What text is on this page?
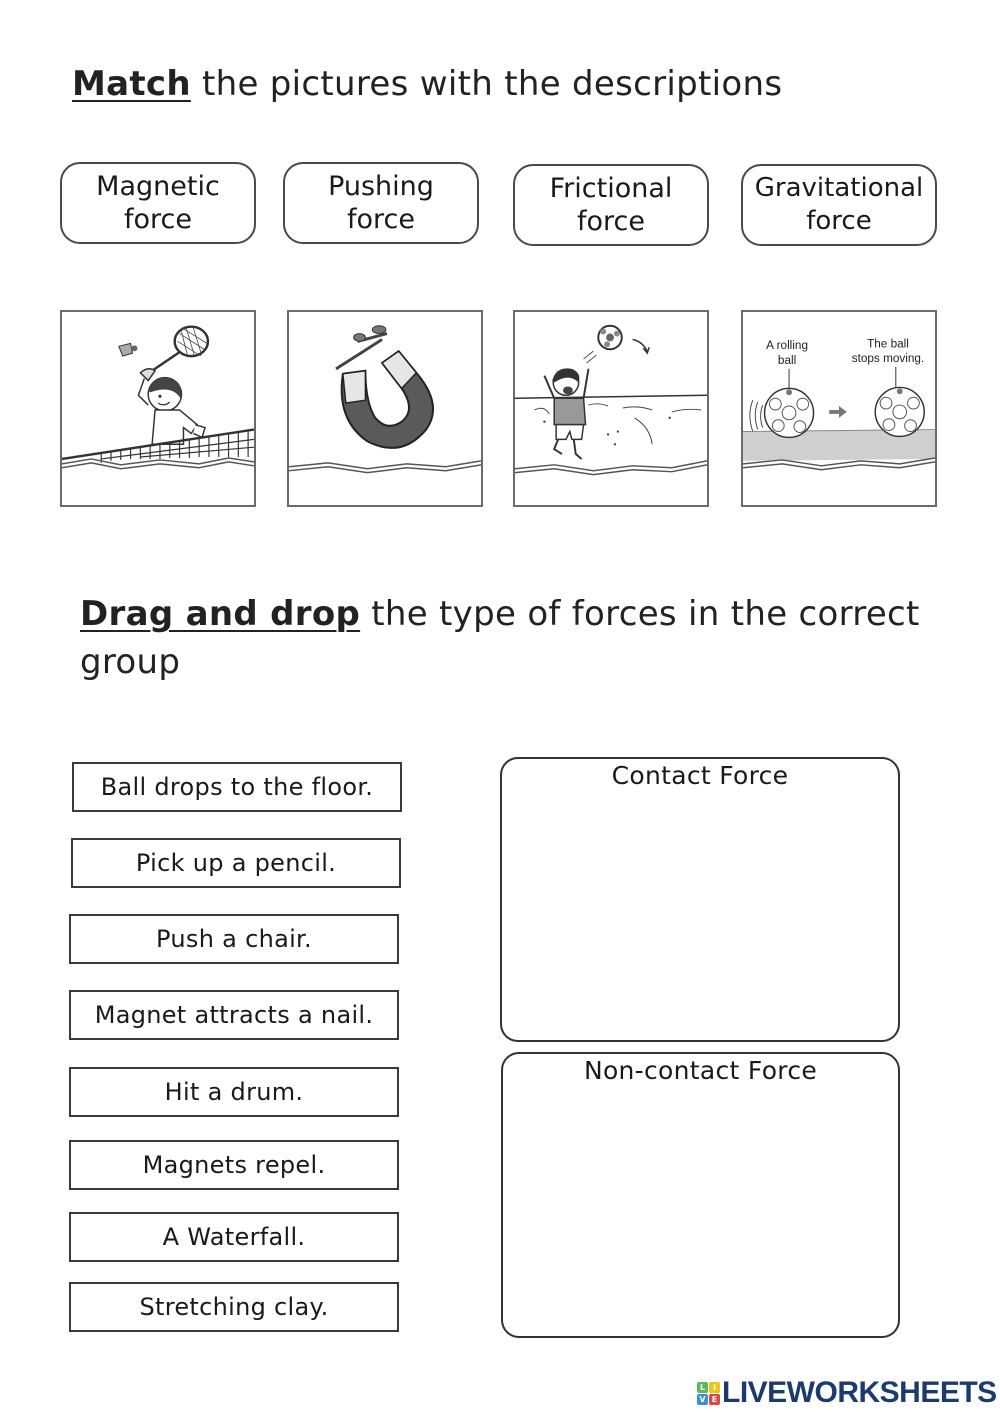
Match the pictures with the descriptions
Magnetic
force
Pushing
force
Frictional
force
Gravitational
force
A rolling
ball
The ball
stops moving.
Drag and drop the type of forces in the correct
group
Ball drops to the floor.
Pick up a pencil.
Push a chair.
Magnet attracts a nail.
Hit a drum.
Magnets repel.
A Waterfall.
Stretching clay.
Contact Force
Non-contact Force
L I
V E LIVEWORKSHEETS
